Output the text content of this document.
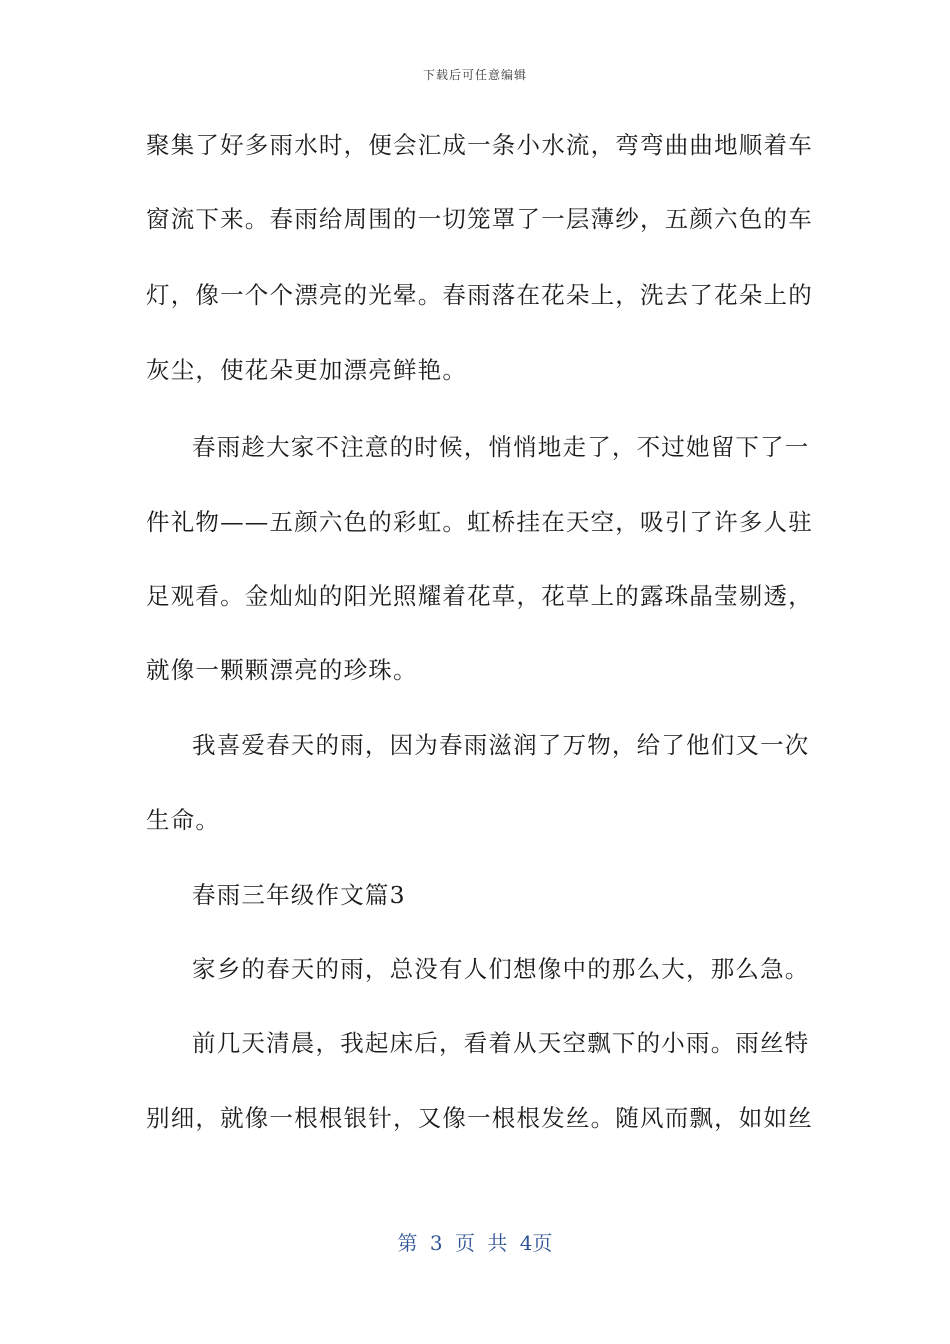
下载后可任意编辑
聚集了好多雨水时，便会汇成一条小水流，弯弯曲曲地顺着车
窗流下来。春雨给周围的一切笼罩了一层薄纱，五颜六色的车
灯，像一个个漂亮的光晕。春雨落在花朵上，洗去了花朵上的
灰尘，使花朵更加漂亮鲜艳。
春雨趁大家不注意的时候，悄悄地走了，不过她留下了一
件礼物——五颜六色的彩虹。虹桥挂在天空，吸引了许多人驻
足观看。金灿灿的阳光照耀着花草，花草上的露珠晶莹剔透，
就像一颗颗漂亮的珍珠。
我喜爱春天的雨，因为春雨滋润了万物，给了他们又一次
生命。
春雨三年级作文篇3
家乡的春天的雨，总没有人们想像中的那么大，那么急。
前几天清晨，我起床后，看着从天空飘下的小雨。雨丝特
别细，就像一根根银针，又像一根根发丝。随风而飘，如如丝
第 3 页 共 4页
